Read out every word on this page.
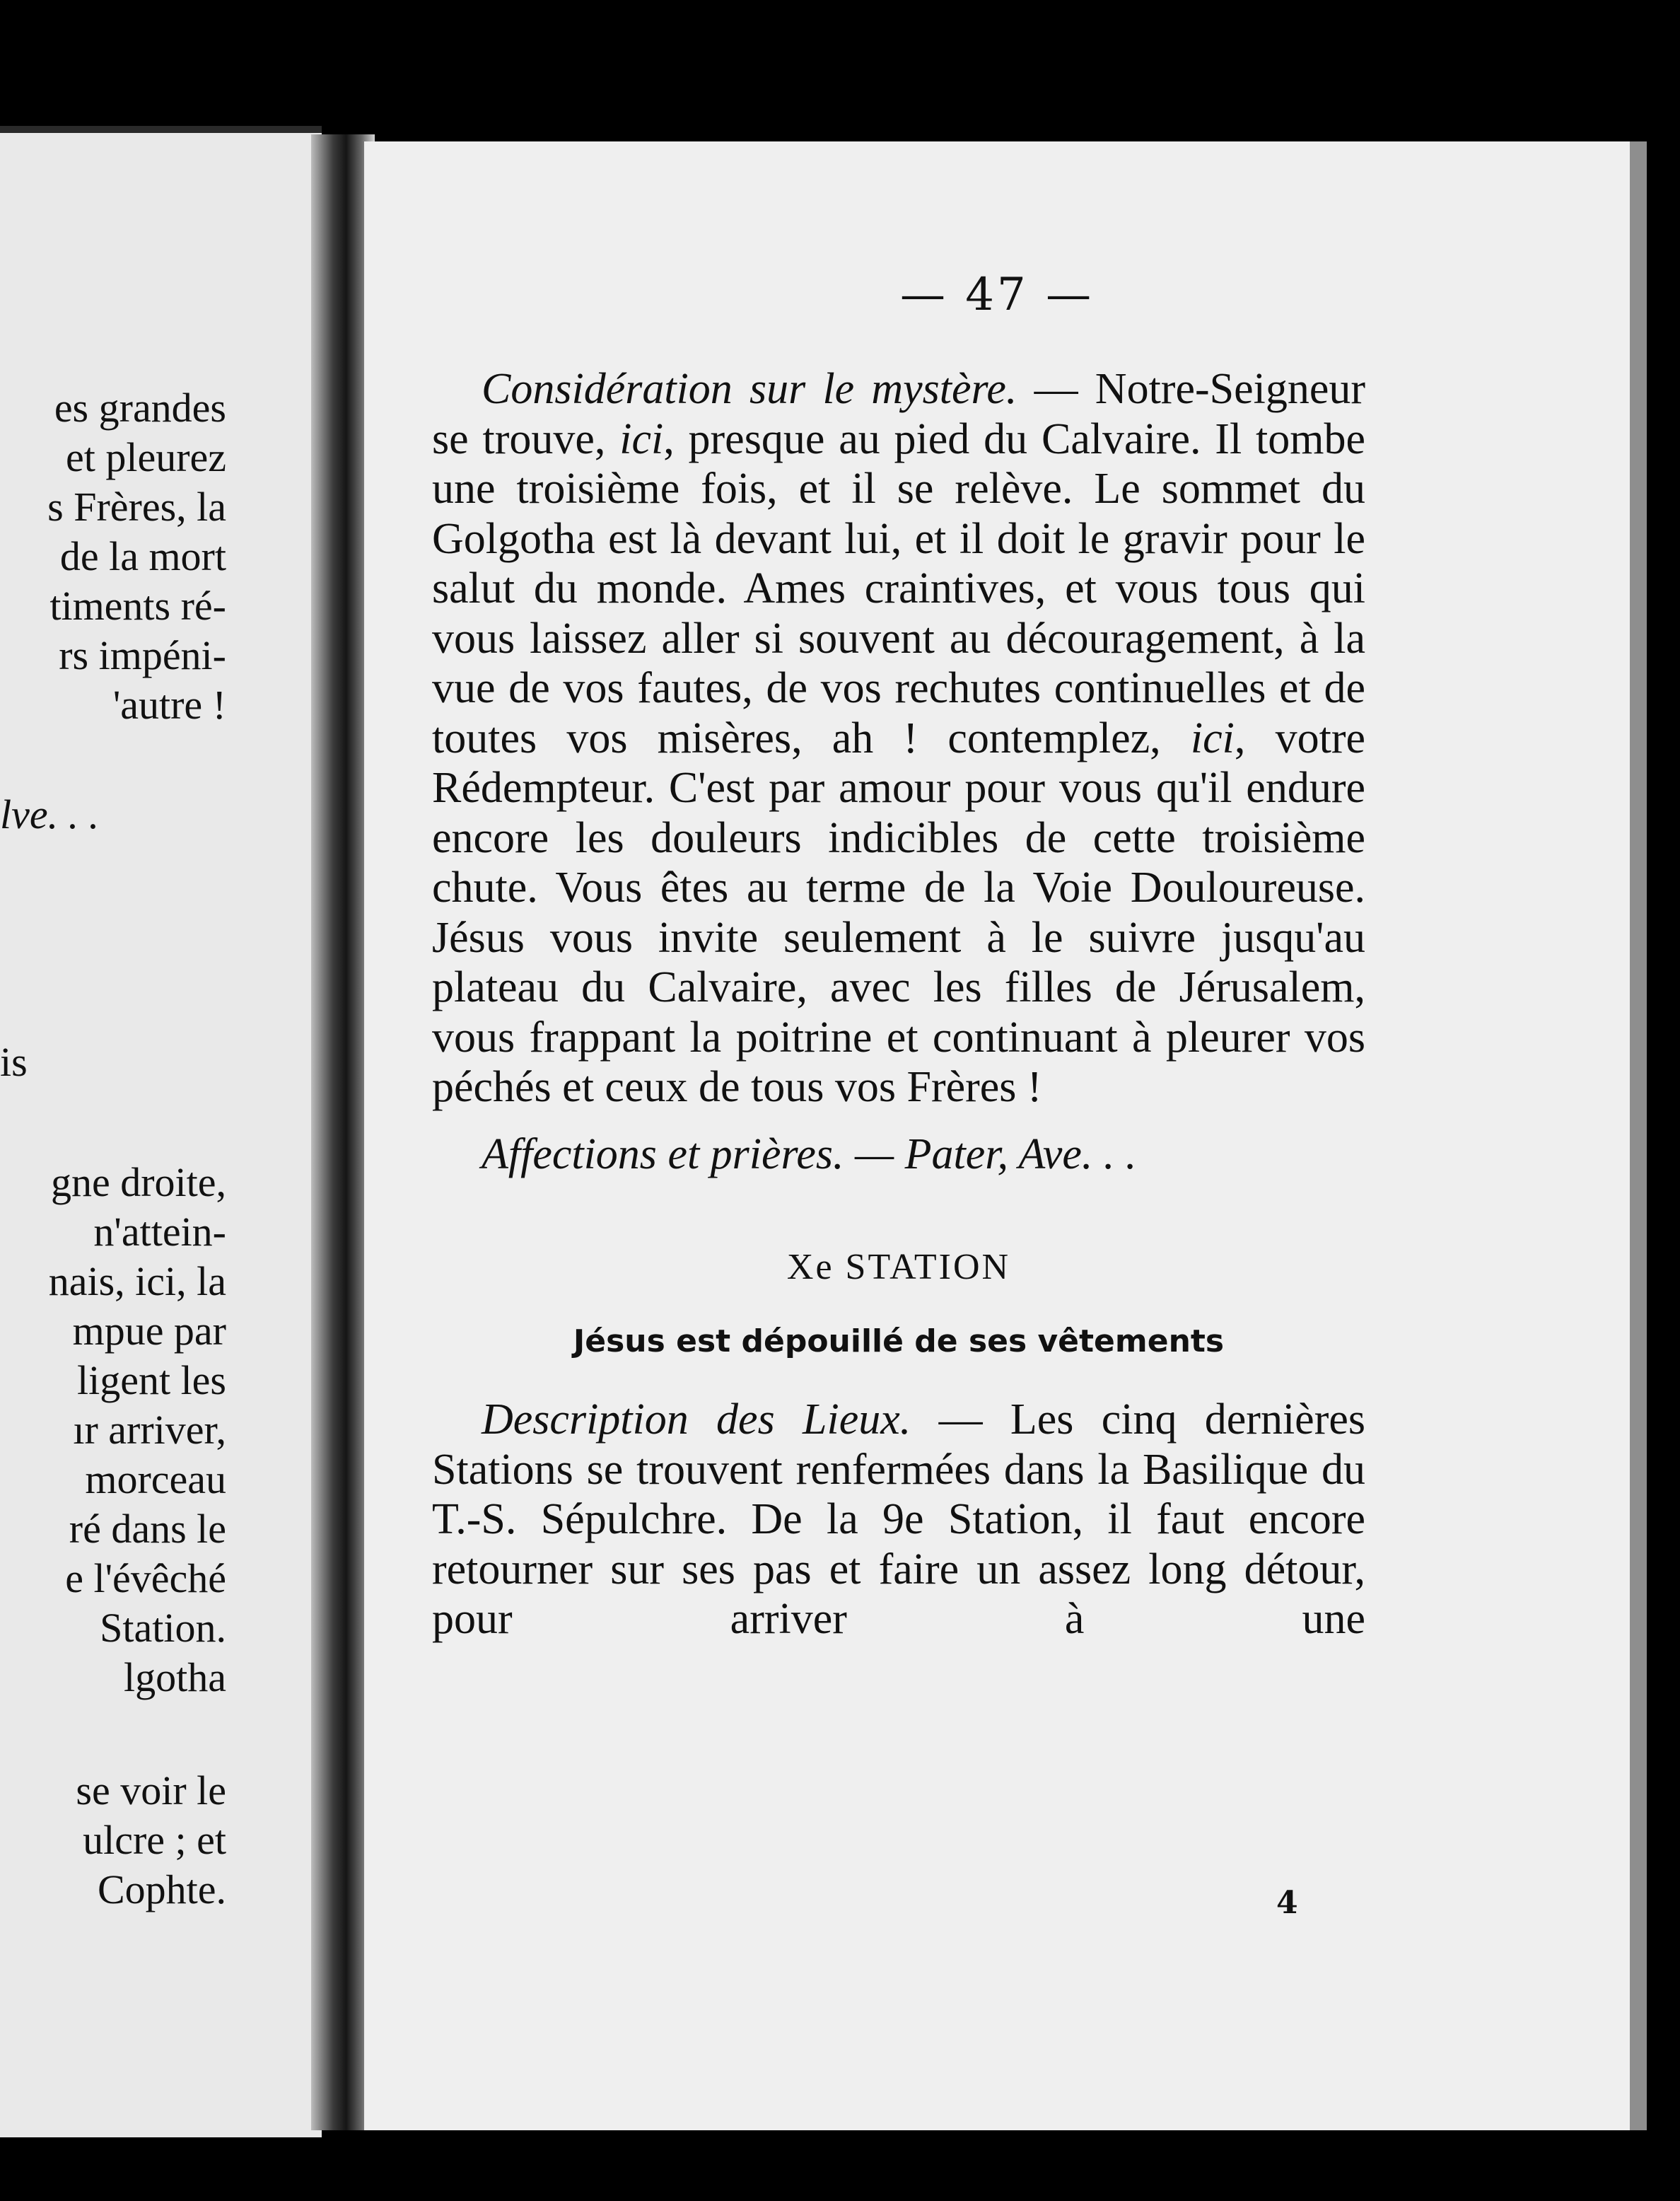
es grandes
et pleurez
s Frères, la
de la mort
timents ré-
rs impéni-
'autre !
lve. . .
is
gne droite,
n'attein-
nais, ici, la
mpue par
ligent les
ır arriver,
morceau
ré dans le
e l'évêché
Station.
lgotha
se voir le
ulcre ; et
Cophte.
— 47 —

Considération sur le mystère. — Notre-Seigneur se trouve, ici, presque au pied du Calvaire. Il tombe une troisième fois, et il se relève. Le sommet du Golgotha est là devant lui, et il doit le gravir pour le salut du monde. Ames craintives, et vous tous qui vous laissez aller si souvent au découragement, à la vue de vos fautes, de vos rechutes continuelles et de toutes vos misères, ah ! contemplez, ici, votre Rédempteur. C'est par amour pour vous qu'il endure encore les douleurs indicibles de cette troisième chute. Vous êtes au terme de la Voie Douloureuse. Jésus vous invite seulement à le suivre jusqu'au plateau du Calvaire, avec les filles de Jérusalem, vous frappant la poitrine et continuant à pleurer vos péchés et ceux de tous vos Frères !

Affections et prières. — Pater, Ave. . .

Xe STATION

Jésus est dépouillé de ses vêtements

Description des Lieux. — Les cinq dernières Stations se trouvent renfermées dans la Basilique du T.-S. Sépulchre. De la 9e Station, il faut encore retourner sur ses pas et faire un assez long détour, pour arriver à une

4
